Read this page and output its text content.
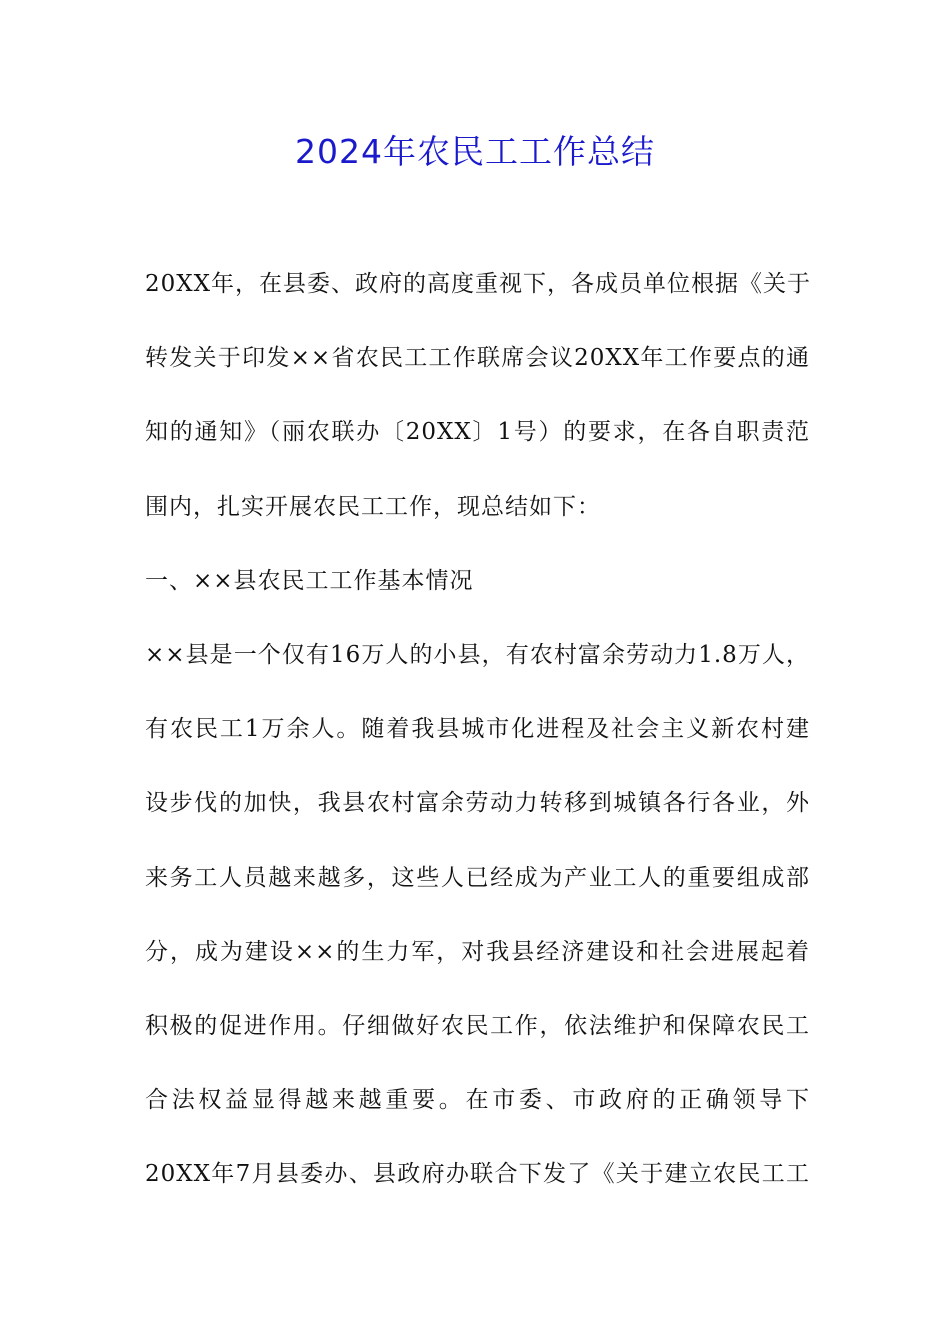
2024年农民工工作总结
20XX年，在县委、政府的高度重视下，各成员单位根据《关于
转发关于印发××省农民工工作联席会议20XX年工作要点的通
知的通知》（丽农联办〔20XX〕1号）的要求，在各自职责范
围内，扎实开展农民工工作，现总结如下：
一、××县农民工工作基本情况
××县是一个仅有16万人的小县，有农村富余劳动力1.8万人，
有农民工1万余人。随着我县城市化进程及社会主义新农村建
设步伐的加快，我县农村富余劳动力转移到城镇各行各业，外
来务工人员越来越多，这些人已经成为产业工人的重要组成部
分，成为建设××的生力军，对我县经济建设和社会进展起着
积极的促进作用。仔细做好农民工作，依法维护和保障农民工
合法权益显得越来越重要。在市委、市政府的正确领导下
20XX年7月县委办、县政府办联合下发了《关于建立农民工工
